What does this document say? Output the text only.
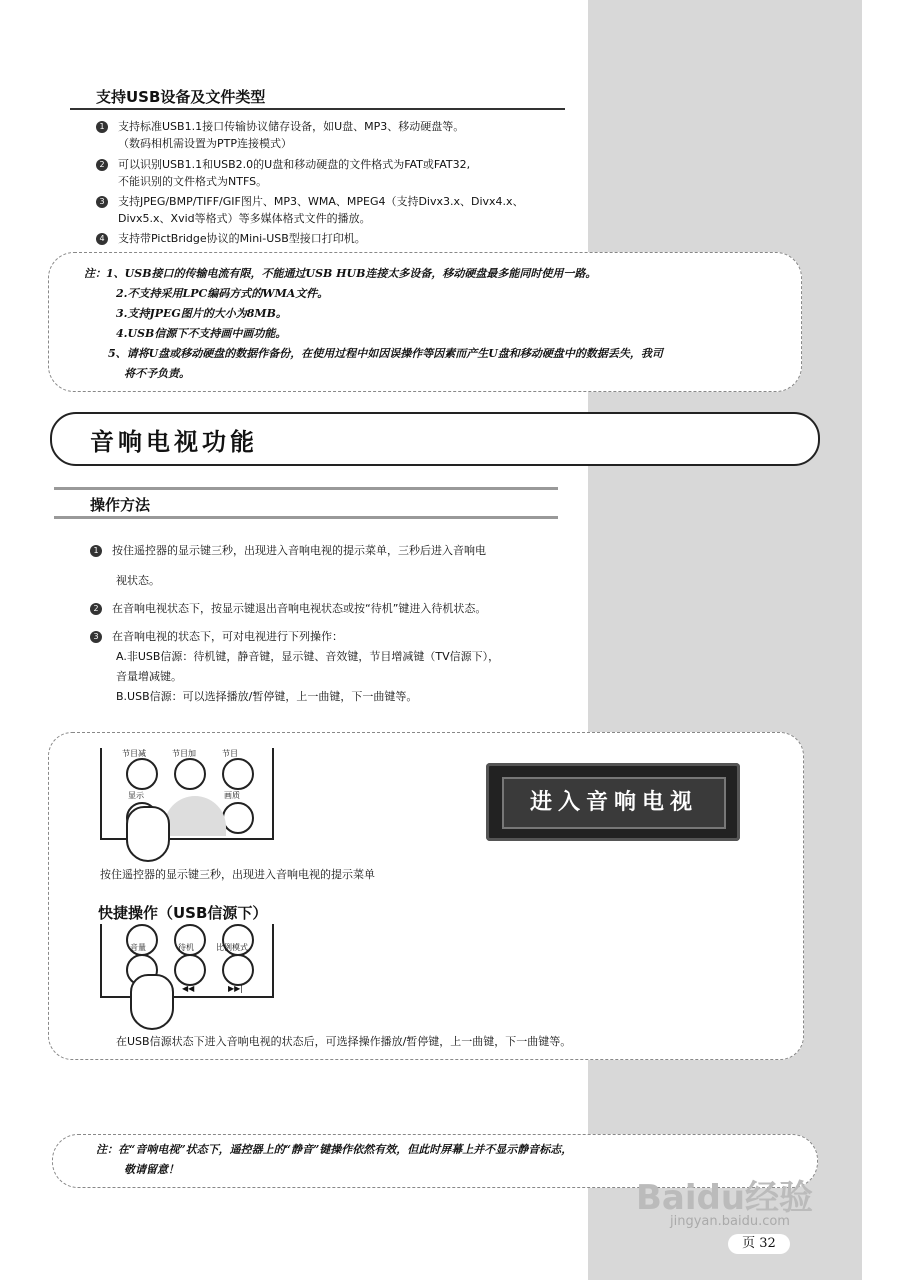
支持USB设备及文件类型
1 支持标准USB1.1接口传输协议储存设备，如U盘、MP3、移动硬盘等。
（数码相机需设置为PTP连接模式）
2 可以识别USB1.1和USB2.0的U盘和移动硬盘的文件格式为FAT或FAT32,
不能识别的文件格式为NTFS。
3 支持JPEG/BMP/TIFF/GIF图片、MP3、WMA、MPEG4（支持Divx3.x、Divx4.x、
Divx5.x、Xvid等格式）等多媒体格式文件的播放。
4 支持带PictBridge协议的Mini-USB型接口打印机。
注：1、USB接口的传输电流有限，不能通过USB HUB连接太多设备，移动硬盘最多能同时使用一路。
2.不支持采用LPC编码方式的WMA文件。
3.支持JPEG图片的大小为8MB。
4.USB信源下不支持画中画功能。
5、请将U盘或移动硬盘的数据作备份，在使用过程中如因误操作等因素而产生U盘和移动硬盘中的数据丢失，我司
将不予负责。
音响电视功能
操作方法
1 按住遥控器的显示键三秒，出现进入音响电视的提示菜单，三秒后进入音响电
视状态。
2 在音响电视状态下，按显示键退出音响电视状态或按“待机”键进入待机状态。
3 在音响电视的状态下，可对电视进行下列操作：
A.非USB信源：待机键，静音键，显示键、音效键，节目增减键（TV信源下），
音量增减键。
B.USB信源：可以选择播放/暂停键，上一曲键，下一曲键等。
节目减	节目加	节目
显示	画质	进入音响电视
按住遥控器的显示键三秒，出现进入音响电视的提示菜单
快捷操作（USB信源下）
音量	待机	比例模式
◀◀	▶▶|
在USB信源状态下进入音响电视的状态后，可选择操作播放/暂停键，上一曲键，下一曲键等。
注：在“音响电视”状态下，遥控器上的“静音”键操作依然有效，但此时屏幕上并不显示静音标志，
敬请留意！
Baidu经验
jingyan.baidu.com
页 32
